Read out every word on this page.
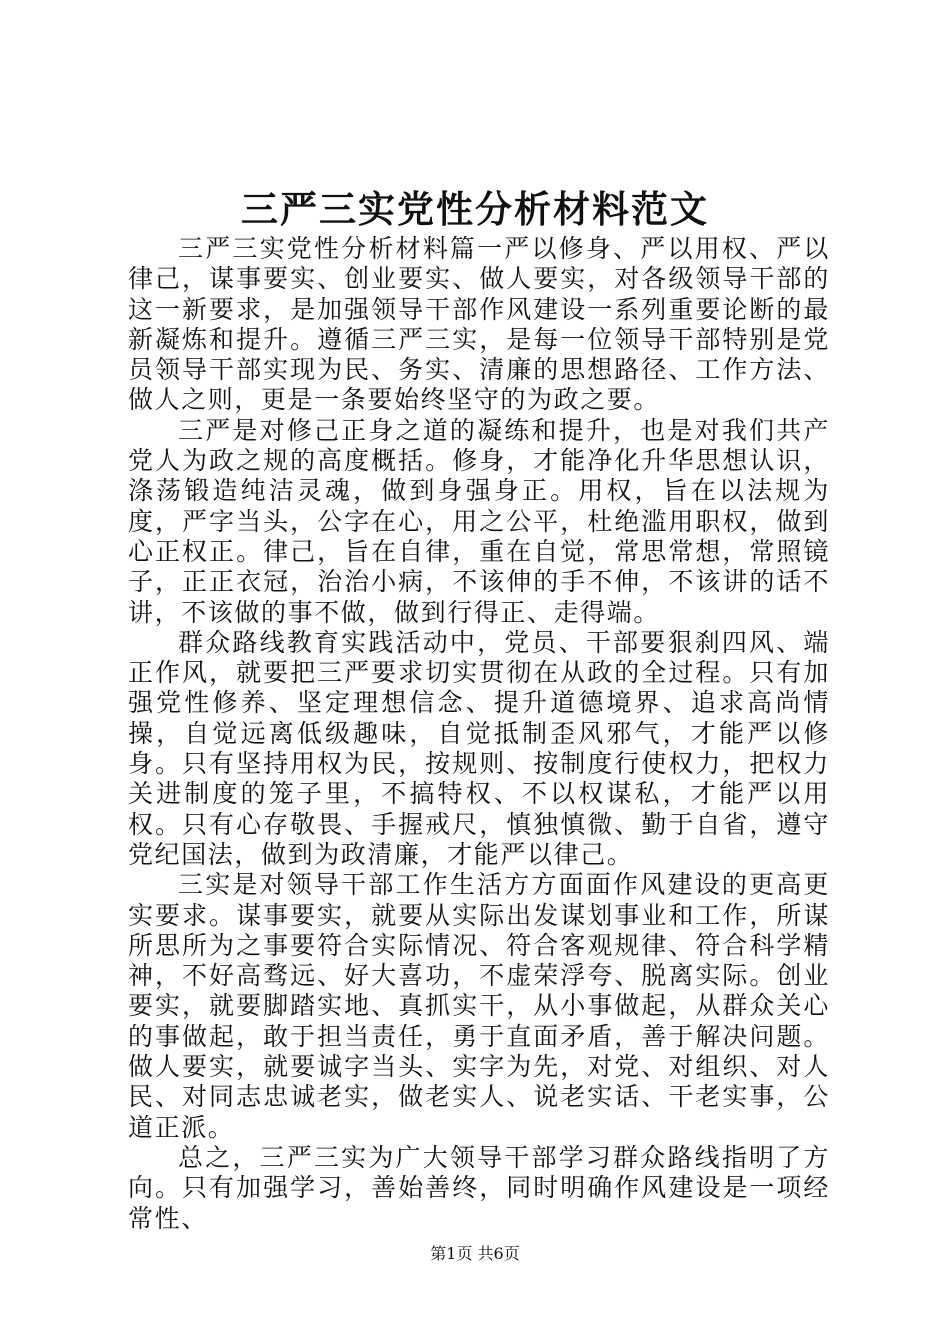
三严三实党性分析材料范文

三严三实党性分析材料篇一严以修身、严以用权、严以律己，谋事要实、创业要实、做人要实，对各级领导干部的这一新要求，是加强领导干部作风建设一系列重要论断的最新凝炼和提升。遵循三严三实，是每一位领导干部特别是党员领导干部实现为民、务实、清廉的思想路径、工作方法、做人之则，更是一条要始终坚守的为政之要。

三严是对修己正身之道的凝练和提升，也是对我们共产党人为政之规的高度概括。修身，才能净化升华思想认识，涤荡锻造纯洁灵魂，做到身强身正。用权，旨在以法规为度，严字当头，公字在心，用之公平，杜绝滥用职权，做到心正权正。律己，旨在自律，重在自觉，常思常想，常照镜子，正正衣冠，治治小病，不该伸的手不伸，不该讲的话不讲，不该做的事不做，做到行得正、走得端。

群众路线教育实践活动中，党员、干部要狠刹四风、端正作风，就要把三严要求切实贯彻在从政的全过程。只有加强党性修养、坚定理想信念、提升道德境界、追求高尚情操，自觉远离低级趣味，自觉抵制歪风邪气，才能严以修身。只有坚持用权为民，按规则、按制度行使权力，把权力关进制度的笼子里，不搞特权、不以权谋私，才能严以用权。只有心存敬畏、手握戒尺，慎独慎微、勤于自省，遵守党纪国法，做到为政清廉，才能严以律己。

三实是对领导干部工作生活方方面面作风建设的更高更实要求。谋事要实，就要从实际出发谋划事业和工作，所谋所思所为之事要符合实际情况、符合客观规律、符合科学精神，不好高骛远、好大喜功，不虚荣浮夸、脱离实际。创业要实，就要脚踏实地、真抓实干，从小事做起，从群众关心的事做起，敢于担当责任，勇于直面矛盾，善于解决问题。做人要实，就要诚字当头、实字为先，对党、对组织、对人民、对同志忠诚老实，做老实人、说老实话、干老实事，公道正派。

总之，三严三实为广大领导干部学习群众路线指明了方向。只有加强学习，善始善终，同时明确作风建设是一项经常性、

第1页 共6页
